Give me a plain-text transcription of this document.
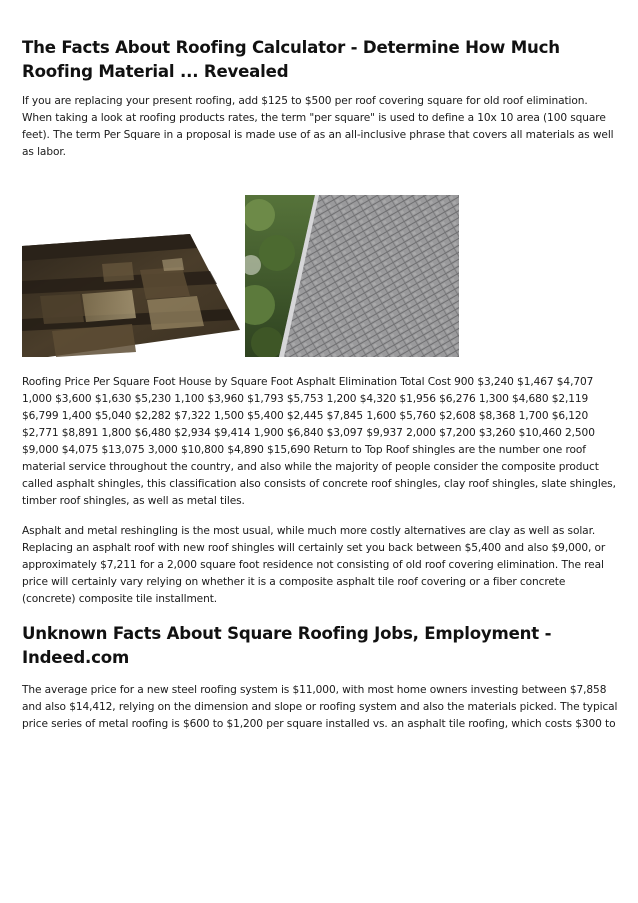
The Facts About Roofing Calculator - Determine How Much Roofing Material ... Revealed

If you are replacing your present roofing, add $125 to $500 per roof covering square for old roof elimination. When taking a look at roofing products rates, the term "per square" is used to define a 10x 10 area (100 square feet). The term Per Square in a proposal is made use of as an all-inclusive phrase that covers all materials as well as labor.

Roofing Price Per Square Foot House by Square Foot Asphalt Elimination Total Cost 900 $3,240 $1,467 $4,707 1,000 $3,600 $1,630 $5,230 1,100 $3,960 $1,793 $5,753 1,200 $4,320 $1,956 $6,276 1,300 $4,680 $2,119 $6,799 1,400 $5,040 $2,282 $7,322 1,500 $5,400 $2,445 $7,845 1,600 $5,760 $2,608 $8,368 1,700 $6,120 $2,771 $8,891 1,800 $6,480 $2,934 $9,414 1,900 $6,840 $3,097 $9,937 2,000 $7,200 $3,260 $10,460 2,500 $9,000 $4,075 $13,075 3,000 $10,800 $4,890 $15,690 Return to Top Roof shingles are the number one roof material service throughout the country, and also while the majority of people consider the composite product called asphalt shingles, this classification also consists of concrete roof shingles, clay roof shingles, slate shingles, timber roof shingles, as well as metal tiles.

Asphalt and metal reshingling is the most usual, while much more costly alternatives are clay as well as solar. Replacing an asphalt roof with new roof shingles will certainly set you back between $5,400 and also $9,000, or approximately $7,211 for a 2,000 square foot residence not consisting of old roof covering elimination. The real price will certainly vary relying on whether it is a composite asphalt tile roof covering or a fiber concrete (concrete) composite tile installment.

Unknown Facts About Square Roofing Jobs, Employment - Indeed.com

The average price for a new steel roofing system is $11,000, with most home owners investing between $7,858 and also $14,412, relying on the dimension and slope or roofing system and also the materials picked. The typical price series of metal roofing is $600 to $1,200 per square installed vs. an asphalt tile roofing, which costs $300 to
